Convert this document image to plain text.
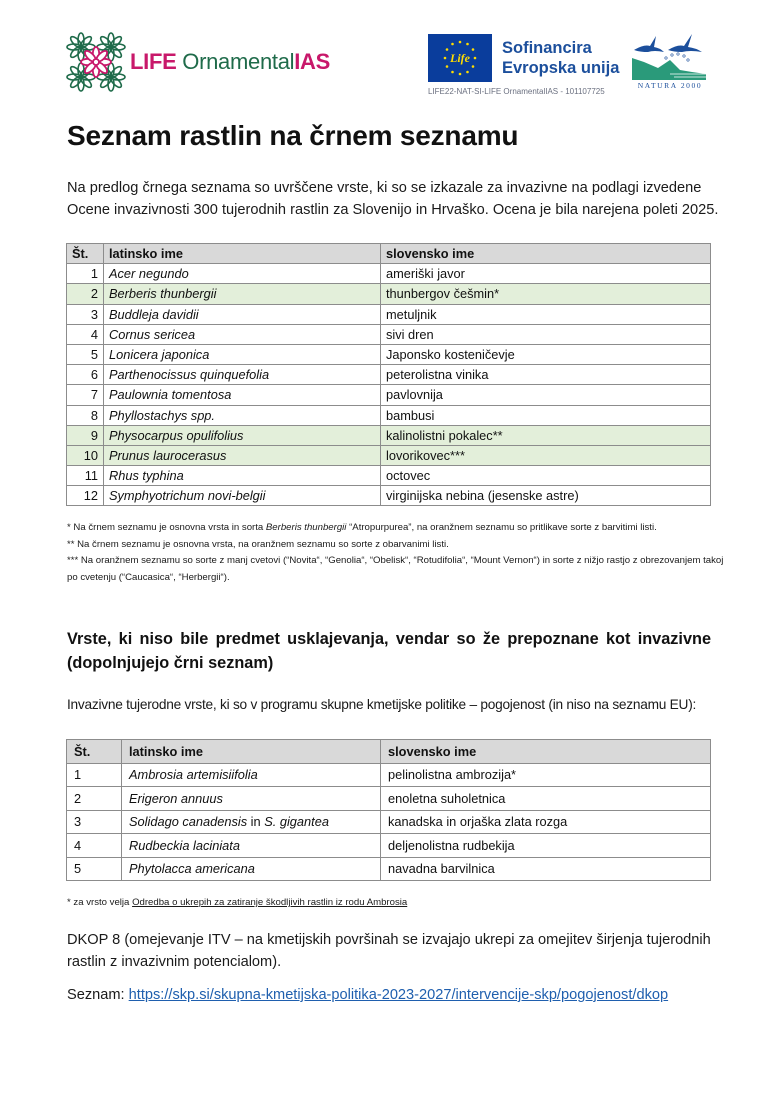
LIFE OrnamentalIAS	Life
Sofinancira
Evropska unija
LIFE22-NAT-SI-LIFE OrnamentalIAS - 101107725
NATURA 2000
Seznam rastlin na črnem seznamu
Na predlog črnega seznama so uvrščene vrste, ki so se izkazale za invazivne na podlagi izvedene Ocene invazivnosti 300 tujerodnih rastlin za Slovenijo in Hrvaško. Ocena je bila narejena poleti 2025.
Št.	latinsko ime	slovensko ime
1	Acer negundo	ameriški javor
2	Berberis thunbergii	thunbergov češmin*
3	Buddleja davidii	metuljnik
4	Cornus sericea	sivi dren
5	Lonicera japonica	Japonsko kosteničevje
6	Parthenocissus quinquefolia	peterolistna vinika
7	Paulownia tomentosa	pavlovnija
8	Phyllostachys spp.	bambusi
9	Physocarpus opulifolius	kalinolistni pokalec**
10	Prunus laurocerasus	lovorikovec***
11	Rhus typhina	octovec
12	Symphyotrichum novi-belgii	virginijska nebina (jesenske astre)
* Na črnem seznamu je osnovna vrsta in sorta Berberis thunbergii “Atropurpurea”, na oranžnem seznamu so pritlikave sorte z barvitimi listi.
** Na črnem seznamu je osnovna vrsta, na oranžnem seznamu so sorte z obarvanimi listi.
*** Na oranžnem seznamu so sorte z manj cvetovi (“Novita“, “Genolia“, “Obelisk“, “Rotudifolia“, “Mount Vernon“) in sorte z nižjo rastjo z obrezovanjem takoj po cvetenju (“Caucasica“, “Herbergii“).
Vrste, ki niso bile predmet usklajevanja, vendar so že prepoznane kot invazivne (dopolnjujejo črni seznam)
Invazivne tujerodne vrste, ki so v programu skupne kmetijske politike – pogojenost (in niso na seznamu EU):
Št.	latinsko ime	slovensko ime
1	Ambrosia artemisiifolia	pelinolistna ambrozija*
2	Erigeron annuus	enoletna suholetnica
3	Solidago canadensis in S. gigantea	kanadska in orjaška zlata rozga
4	Rudbeckia laciniata	deljenolistna rudbekija
5	Phytolacca americana	navadna barvilnica
* za vrsto velja Odredba o ukrepih za zatiranje škodljivih rastlin iz rodu Ambrosia
DKOP 8 (omejevanje ITV – na kmetijskih površinah se izvajajo ukrepi za omejitev širjenja tujerodnih rastlin z invazivnim potencialom).
Seznam: https://skp.si/skupna-kmetijska-politika-2023-2027/intervencije-skp/pogojenost/dkop
